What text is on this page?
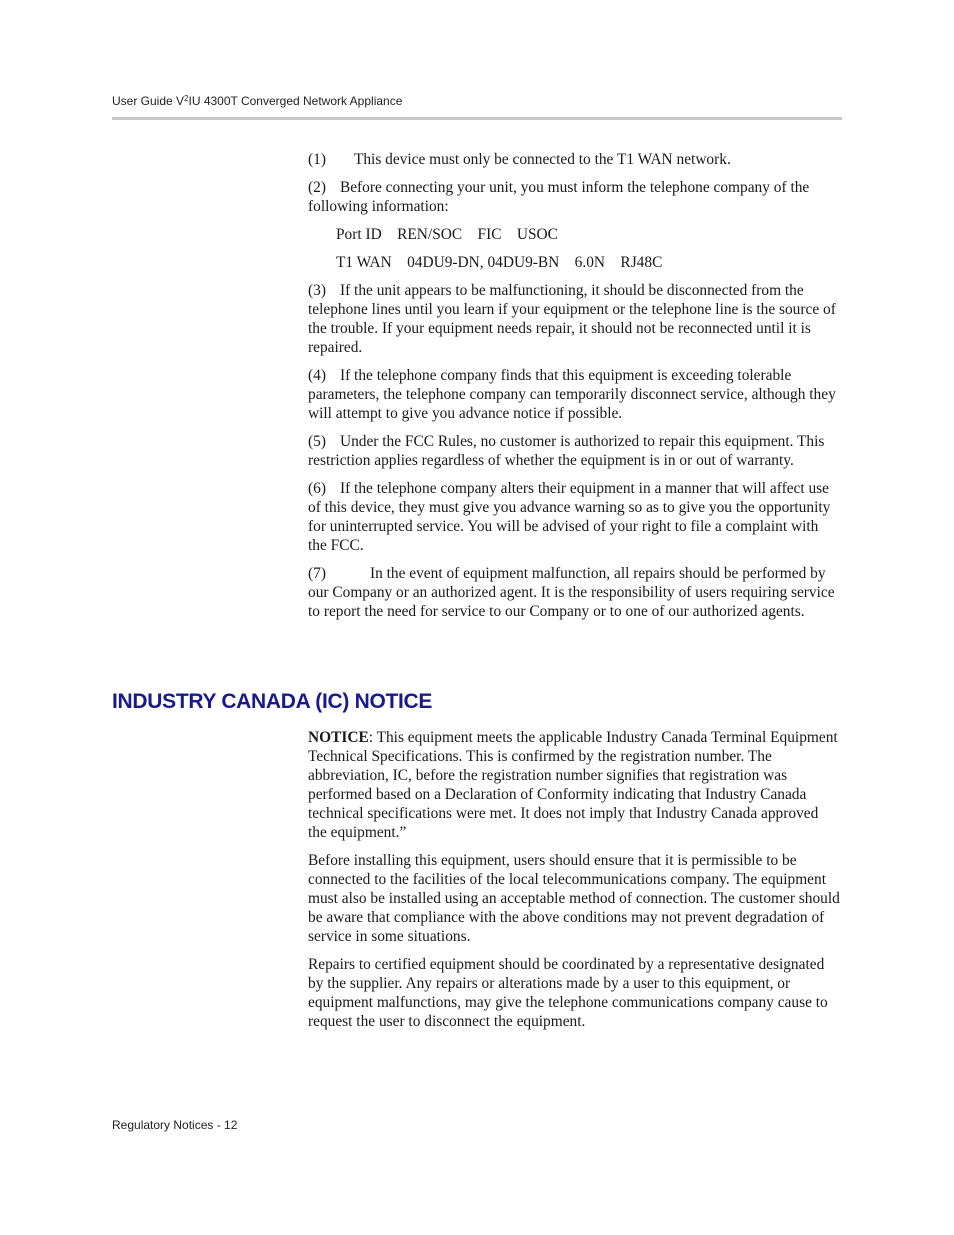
User Guide $V^2IU$ 4300T Converged Network Appliance

(1) This device must only be connected to the T1 WAN network.

(2) Before connecting your unit, you must inform the telephone company of the following information:

Port ID    REN/SOC    FIC    USOC

T1 WAN    04DU9-DN, 04DU9-BN    6.0N    RJ48C

(3) If the unit appears to be malfunctioning, it should be disconnected from the telephone lines until you learn if your equipment or the telephone line is the source of the trouble. If your equipment needs repair, it should not be reconnected until it is repaired.

(4) If the telephone company finds that this equipment is exceeding tolerable parameters, the telephone company can temporarily disconnect service, although they will attempt to give you advance notice if possible.

(5) Under the FCC Rules, no customer is authorized to repair this equipment. This restriction applies regardless of whether the equipment is in or out of warranty.

(6) If the telephone company alters their equipment in a manner that will affect use of this device, they must give you advance warning so as to give you the opportunity for uninterrupted service. You will be advised of your right to file a complaint with the FCC.

(7)	In the event of equipment malfunction, all repairs should be performed by our Company or an authorized agent. It is the responsibility of users requiring service to report the need for service to our Company or to one of our authorized agents.

INDUSTRY CANADA (IC) NOTICE

NOTICE: This equipment meets the applicable Industry Canada Terminal Equipment Technical Specifications. This is confirmed by the registration number. The abbreviation, IC, before the registration number signifies that registration was performed based on a Declaration of Conformity indicating that Industry Canada technical specifications were met. It does not imply that Industry Canada approved the equipment.”

Before installing this equipment, users should ensure that it is permissible to be connected to the facilities of the local telecommunications company. The equipment must also be installed using an acceptable method of connection. The customer should be aware that compliance with the above conditions may not prevent degradation of service in some situations.

Repairs to certified equipment should be coordinated by a representative designated by the supplier. Any repairs or alterations made by a user to this equipment, or equipment malfunctions, may give the telephone communications company cause to request the user to disconnect the equipment.

Regulatory Notices - 12
